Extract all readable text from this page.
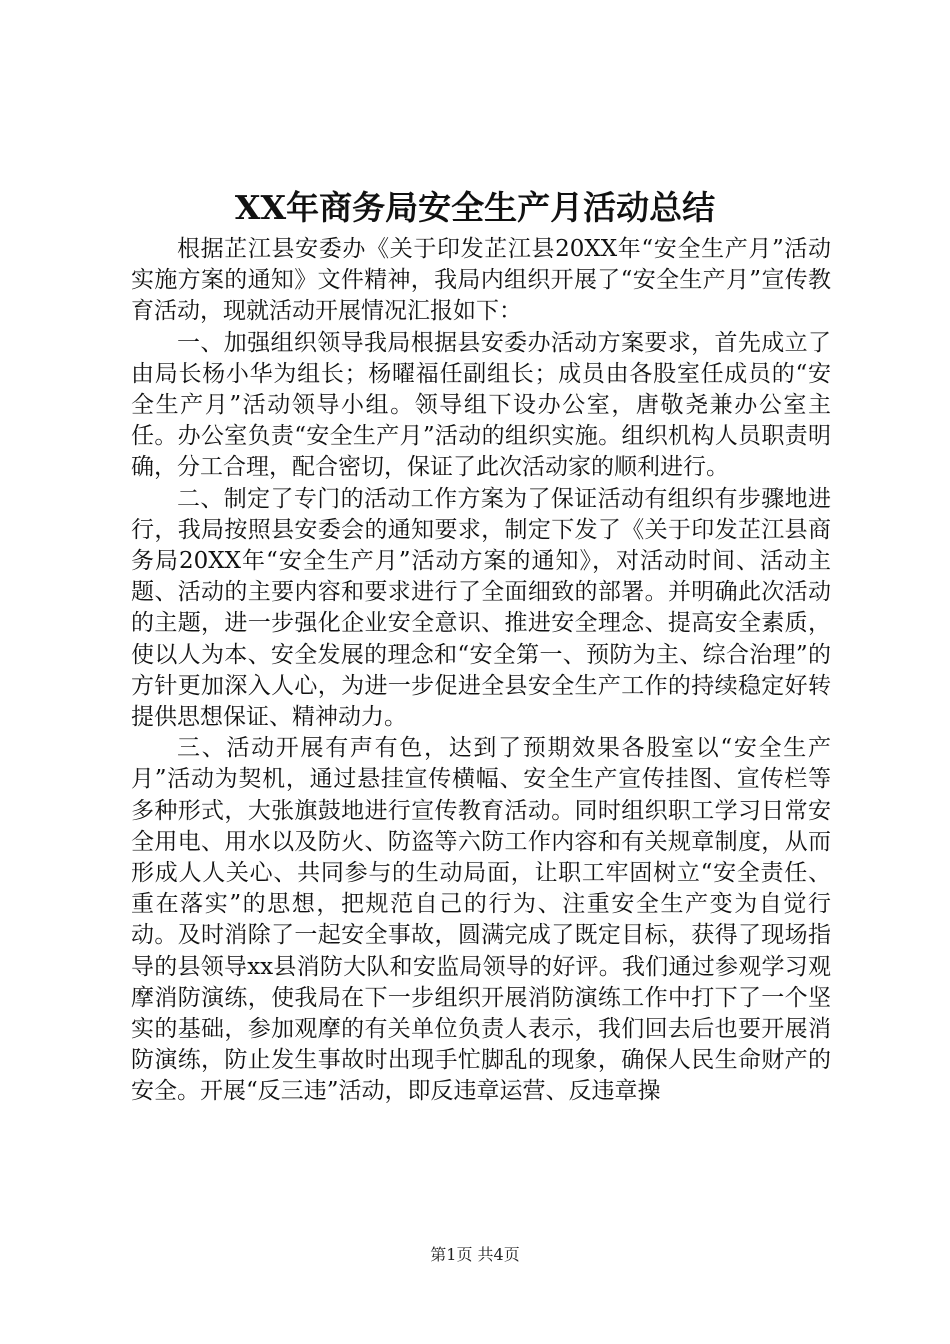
XX年商务局安全生产月活动总结

根据芷江县安委办《关于印发芷江县20XX年“安全生产月”活动实施方案的通知》文件精神，我局内组织开展了“安全生产月”宣传教育活动，现就活动开展情况汇报如下：

一、加强组织领导我局根据县安委办活动方案要求，首先成立了由局长杨小华为组长；杨曜福任副组长；成员由各股室任成员的“安全生产月”活动领导小组。领导组下设办公室，唐敬尧兼办公室主任。办公室负责“安全生产月”活动的组织实施。组织机构人员职责明确，分工合理，配合密切，保证了此次活动家的顺利进行。

二、制定了专门的活动工作方案为了保证活动有组织有步骤地进行，我局按照县安委会的通知要求，制定下发了《关于印发芷江县商务局20XX年“安全生产月”活动方案的通知》，对活动时间、活动主题、活动的主要内容和要求进行了全面细致的部署。并明确此次活动的主题，进一步强化企业安全意识、推进安全理念、提高安全素质，使以人为本、安全发展的理念和“安全第一、预防为主、综合治理”的方针更加深入人心，为进一步促进全县安全生产工作的持续稳定好转提供思想保证、精神动力。

三、活动开展有声有色，达到了预期效果各股室以“安全生产月”活动为契机，通过悬挂宣传横幅、安全生产宣传挂图、宣传栏等多种形式，大张旗鼓地进行宣传教育活动。同时组织职工学习日常安全用电、用水以及防火、防盗等六防工作内容和有关规章制度，从而形成人人关心、共同参与的生动局面，让职工牢固树立“安全责任、重在落实”的思想，把规范自己的行为、注重安全生产变为自觉行动。及时消除了一起安全事故，圆满完成了既定目标，获得了现场指导的县领导xx县消防大队和安监局领导的好评。我们通过参观学习观摩消防演练，使我局在下一步组织开展消防演练工作中打下了一个坚实的基础，参加观摩的有关单位负责人表示，我们回去后也要开展消防演练，防止发生事故时出现手忙脚乱的现象，确保人民生命财产的安全。开展“反三违”活动，即反违章运营、反违章操

第1页 共4页
